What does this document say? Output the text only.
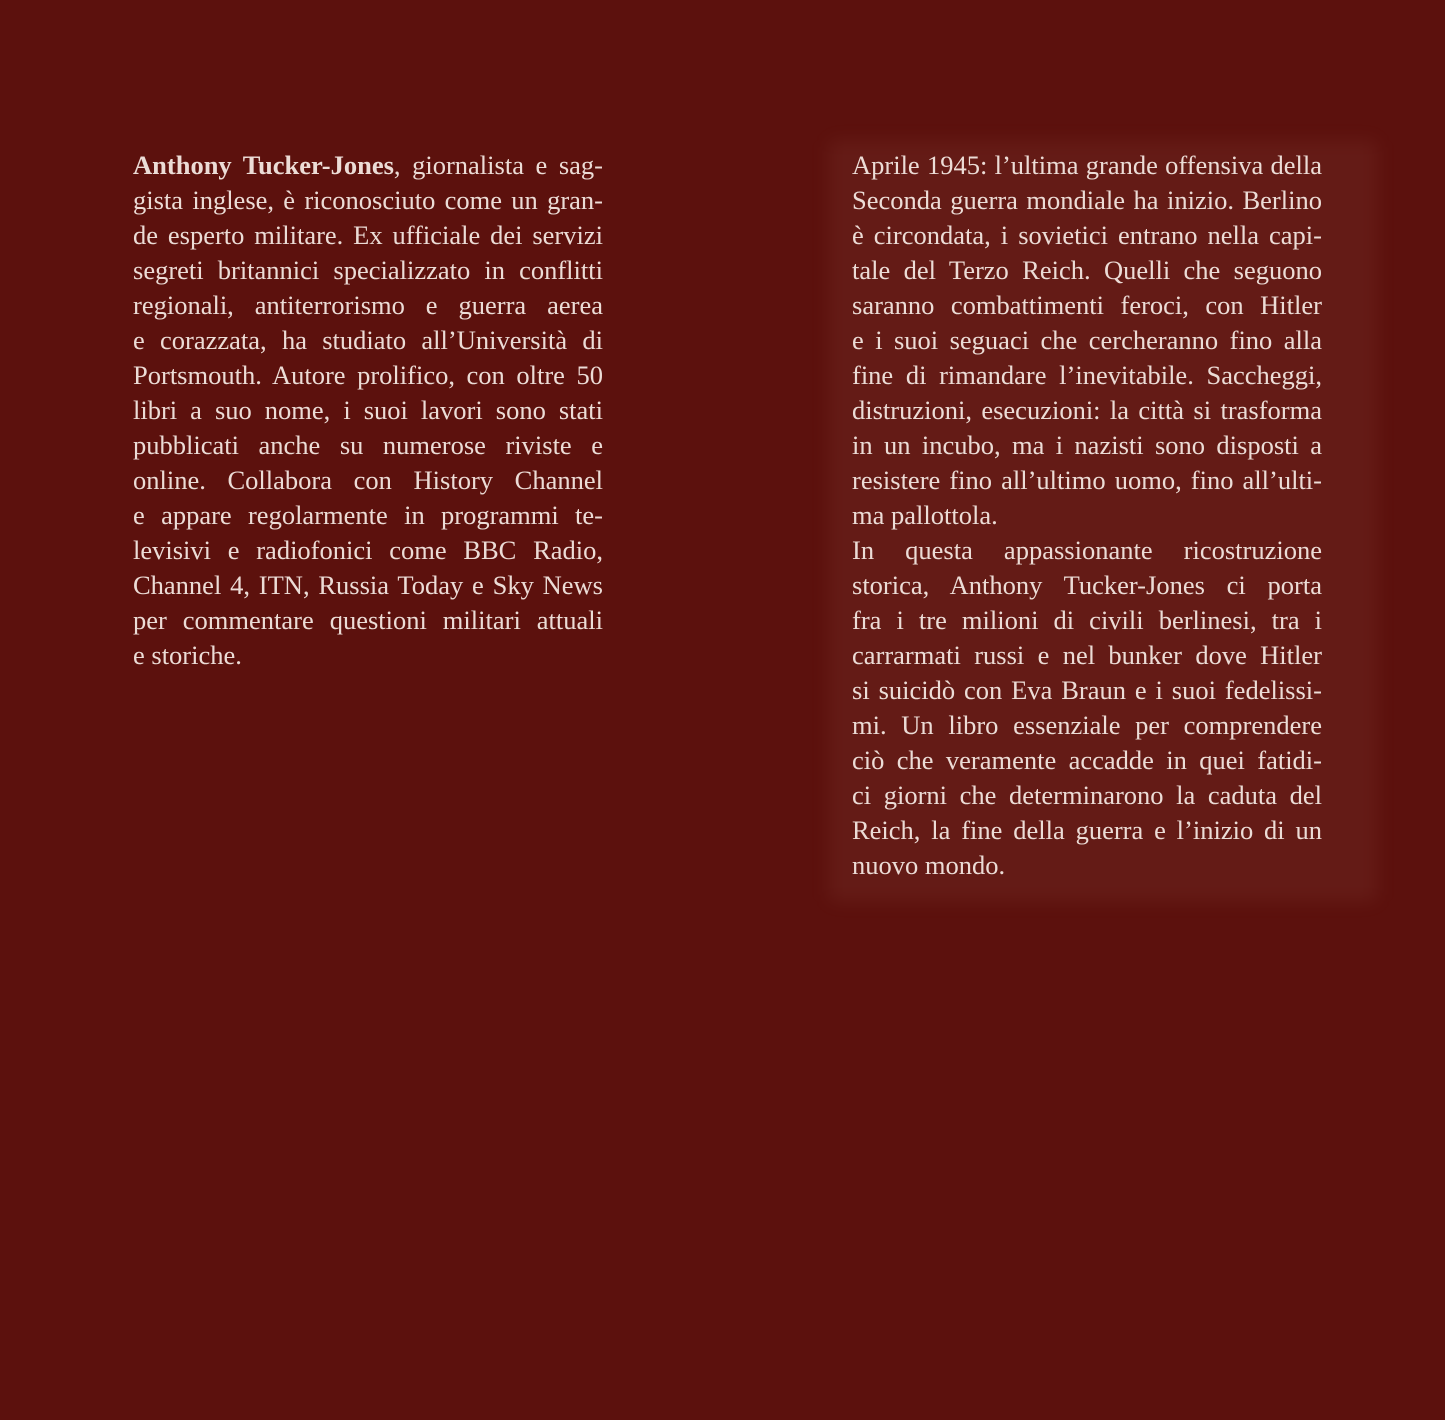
Anthony Tucker-Jones, giornalista e sag-
gista inglese, è riconosciuto come un gran-
de esperto militare. Ex ufficiale dei servizi
segreti britannici specializzato in conflitti
regionali, antiterrorismo e guerra aerea
e corazzata, ha studiato all’Università di
Portsmouth. Autore prolifico, con oltre 50
libri a suo nome, i suoi lavori sono stati
pubblicati anche su numerose riviste e
online. Collabora con History Channel
e appare regolarmente in programmi te-
levisivi e radiofonici come BBC Radio,
Channel 4, ITN, Russia Today e Sky News
per commentare questioni militari attuali
e storiche.
Aprile 1945: l’ultima grande offensiva della
Seconda guerra mondiale ha inizio. Berlino
è circondata, i sovietici entrano nella capi-
tale del Terzo Reich. Quelli che seguono
saranno combattimenti feroci, con Hitler
e i suoi seguaci che cercheranno fino alla
fine di rimandare l’inevitabile. Saccheggi,
distruzioni, esecuzioni: la città si trasforma
in un incubo, ma i nazisti sono disposti a
resistere fino all’ultimo uomo, fino all’ulti-
ma pallottola.
In questa appassionante ricostruzione
storica, Anthony Tucker-Jones ci porta
fra i tre milioni di civili berlinesi, tra i
carrarmati russi e nel bunker dove Hitler
si suicidò con Eva Braun e i suoi fedelissi-
mi. Un libro essenziale per comprendere
ciò che veramente accadde in quei fatidi-
ci giorni che determinarono la caduta del
Reich, la fine della guerra e l’inizio di un
nuovo mondo.
